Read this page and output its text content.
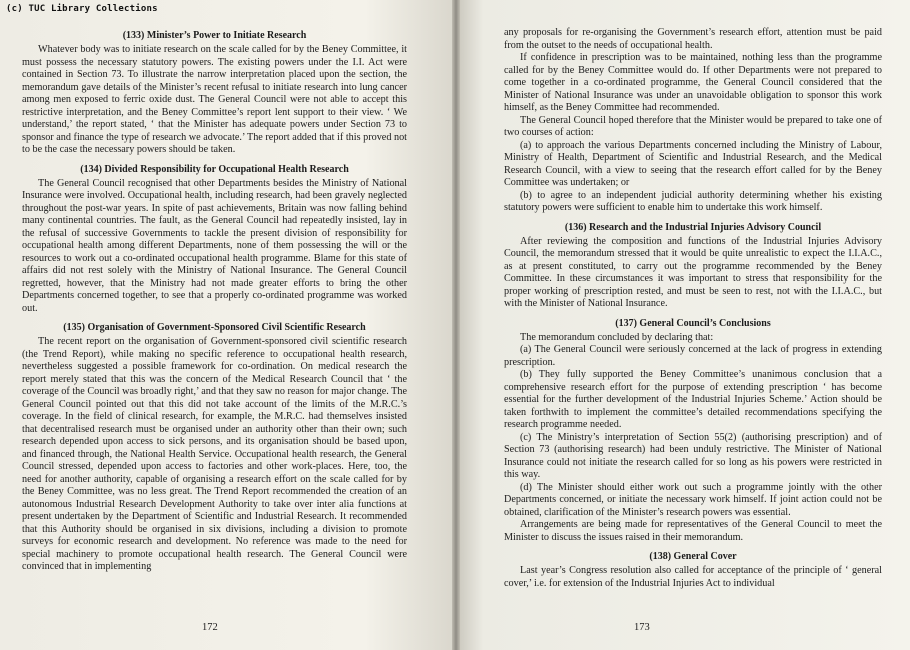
(c) TUC Library Collections
(133) Minister’s Power to Initiate Research

Whatever body was to initiate research on the scale called for by the Beney Committee, it must possess the necessary statutory powers. The existing powers under the I.I. Act were contained in Section 73. To illustrate the narrow interpretation placed upon the section, the memorandum gave details of the Minister’s recent refusal to initiate research into lung cancer among men exposed to ferric oxide dust. The General Council were not able to accept this restrictive interpretation, and the Beney Committee’s report lent support to their view. ‘ We understand,’ the report stated, ‘ that the Minister has adequate powers under Section 73 to sponsor and finance the type of research we advocate.’ The report added that if this proved not to be the case the necessary powers should be taken.

(134) Divided Responsibility for Occupational Health Research

The General Council recognised that other Departments besides the Ministry of National Insurance were involved. Occupational health, including research, had been gravely neglected throughout the post-war years. In spite of past achievements, Britain was now falling behind many continental countries. The fault, as the General Council had repeatedly insisted, lay in the refusal of successive Governments to tackle the present division of responsibility for occupational health among different Departments, none of them possessing the will or the resources to work out a co-ordinated occupational health programme. Blame for this state of affairs did not rest solely with the Ministry of National Insurance. The General Council regretted, however, that the Ministry had not made greater efforts to bring the other Departments concerned together, to see that a properly co-ordinated programme was worked out.

(135) Organisation of Government-Sponsored Civil Scientific Research

The recent report on the organisation of Government-sponsored civil scientific research (the Trend Report), while making no specific reference to occupational health research, nevertheless suggested a possible framework for co-ordination. On medical research the report merely stated that this was the concern of the Medical Research Council that ‘ the coverage of the Council was broadly right,’ and that they saw no reason for major change. The General Council pointed out that this did not take account of the limits of the M.R.C.’s coverage. In the field of clinical research, for example, the M.R.C. had themselves insisted that decentralised research must be organised under an authority other than their own; such research depended upon access to sick persons, and its organisation should be based upon, and financed through, the National Health Service. Occupational health research, the General Council stressed, depended upon access to factories and other work-places. Here, too, the need for another authority, capable of organising a research effort on the scale called for by the Beney Committee, was no less great. The Trend Report recommended the creation of an autonomous Industrial Research Development Authority to take over inter alia functions at present undertaken by the Department of Scientific and Industrial Research. It recommended that this Authority should be organised in six divisions, including a division to promote surveys for economic research and development. No reference was made to the need for special machinery to promote occupational health research. The General Council were convinced that in implementing

172

any proposals for re-organising the Government’s research effort, attention must be paid from the outset to the needs of occupational health.

If confidence in prescription was to be maintained, nothing less than the programme called for by the Beney Committee would do. If other Departments were not prepared to come together in a co-ordinated programme, the General Council considered that the Minister of National Insurance was under an unavoidable obligation to sponsor this work himself, as the Beney Committee had recommended.

The General Council hoped therefore that the Minister would be prepared to take one of two courses of action:

(a) to approach the various Departments concerned including the Ministry of Labour, Ministry of Health, Department of Scientific and Industrial Research, and the Medical Research Council, with a view to seeing that the research effort called for by the Beney Committee was undertaken; or

(b) to agree to an independent judicial authority determining whether his existing statutory powers were sufficient to enable him to undertake this work himself.

(136) Research and the Industrial Injuries Advisory Council

After reviewing the composition and functions of the Industrial Injuries Advisory Council, the memorandum stressed that it would be quite unrealistic to expect the I.I.A.C., as at present constituted, to carry out the programme recommended by the Beney Committee. In these circumstances it was important to stress that responsibility for the proper working of prescription rested, and must be seen to rest, not with the I.I.A.C., but with the Minister of National Insurance.

(137) General Council’s Conclusions

The memorandum concluded by declaring that:

(a) The General Council were seriously concerned at the lack of progress in extending prescription.

(b) They fully supported the Beney Committee’s unanimous conclusion that a comprehensive research effort for the purpose of extending prescription ‘ has become essential for the further development of the Industrial Injuries Scheme.’ Action should be taken forthwith to implement the committee’s detailed recommendations specifying the research programme needed.

(c) The Ministry’s interpretation of Section 55(2) (authorising prescription) and of Section 73 (authorising research) had been unduly restrictive. The Minister of National Insurance could not initiate the research called for so long as his powers were restricted in this way.

(d) The Minister should either work out such a programme jointly with the other Departments concerned, or initiate the necessary work himself. If joint action could not be obtained, clarification of the Minister’s research powers was essential.

Arrangements are being made for representatives of the General Council to meet the Minister to discuss the issues raised in their memorandum.

(138) General Cover

Last year’s Congress resolution also called for acceptance of the principle of ‘ general cover,’ i.e. for extension of the Industrial Injuries Act to individual

173
